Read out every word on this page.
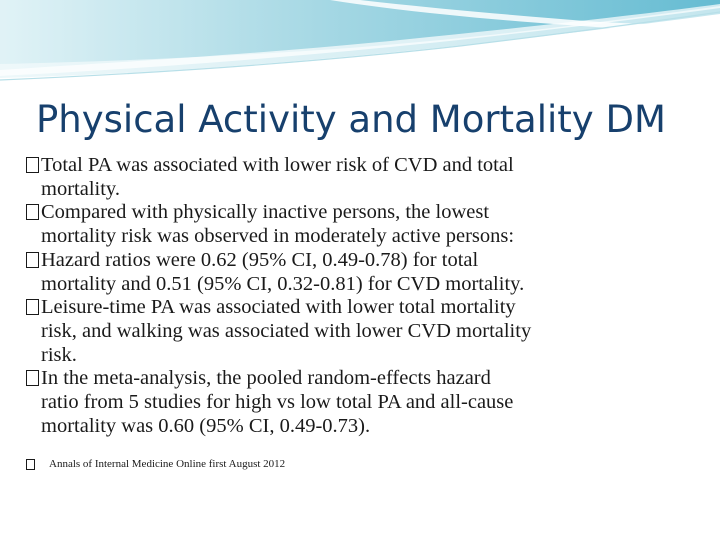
Physical Activity and Mortality DM
Total PA was associated with lower risk of CVD and total
mortality.
Compared with physically inactive persons, the lowest
mortality risk was observed in moderately active persons:
Hazard ratios were 0.62 (95% CI, 0.49-0.78) for total
mortality and 0.51 (95% CI, 0.32-0.81) for CVD mortality.
Leisure-time PA was associated with lower total mortality
risk, and walking was associated with lower CVD mortality
risk.
In the meta-analysis, the pooled random-effects hazard
ratio from 5 studies for high vs low total PA and all-cause
mortality was 0.60 (95% CI, 0.49-0.73).
Annals of Internal Medicine Online first August 2012
